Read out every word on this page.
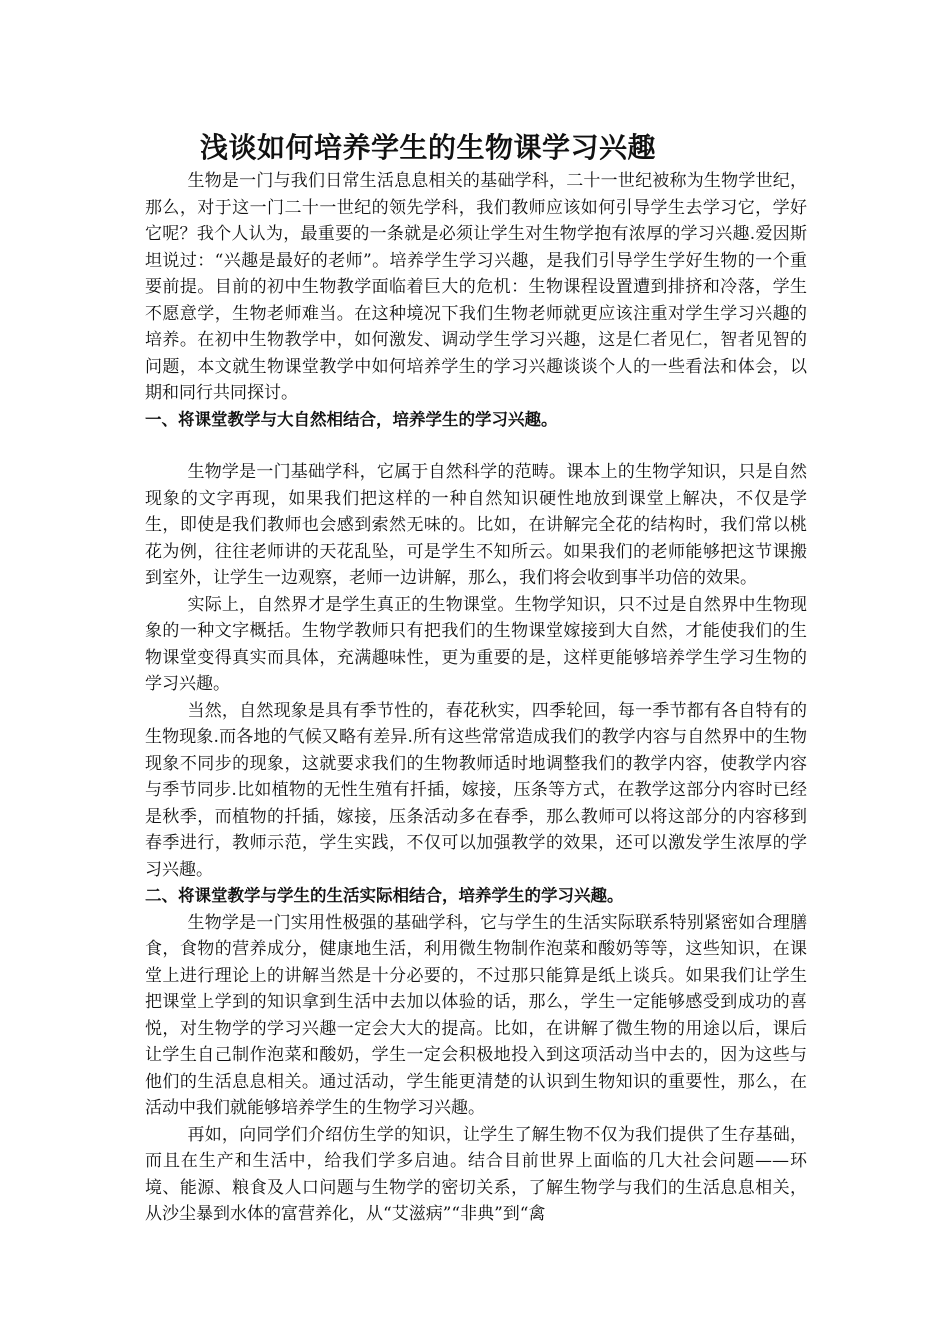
浅谈如何培养学生的生物课学习兴趣

生物是一门与我们日常生活息息相关的基础学科，二十一世纪被称为生物学世纪，那么，对于这一门二十一世纪的领先学科，我们教师应该如何引导学生去学习它，学好它呢？我个人认为，最重要的一条就是必须让学生对生物学抱有浓厚的学习兴趣.爱因斯坦说过：“兴趣是最好的老师”。培养学生学习兴趣，是我们引导学生学好生物的一个重要前提。目前的初中生物教学面临着巨大的危机：生物课程设置遭到排挤和冷落，学生不愿意学，生物老师难当。在这种境况下我们生物老师就更应该注重对学生学习兴趣的培养。在初中生物教学中，如何激发、调动学生学习兴趣，这是仁者见仁，智者见智的问题，本文就生物课堂教学中如何培养学生的学习兴趣谈谈个人的一些看法和体会，以期和同行共同探讨。

一、将课堂教学与大自然相结合，培养学生的学习兴趣。

生物学是一门基础学科，它属于自然科学的范畴。课本上的生物学知识，只是自然现象的文字再现，如果我们把这样的一种自然知识硬性地放到课堂上解决，不仅是学生，即使是我们教师也会感到索然无味的。比如，在讲解完全花的结构时，我们常以桃花为例，往往老师讲的天花乱坠，可是学生不知所云。如果我们的老师能够把这节课搬到室外，让学生一边观察，老师一边讲解，那么，我们将会收到事半功倍的效果。

实际上，自然界才是学生真正的生物课堂。生物学知识，只不过是自然界中生物现象的一种文字概括。生物学教师只有把我们的生物课堂嫁接到大自然，才能使我们的生物课堂变得真实而具体，充满趣味性，更为重要的是，这样更能够培养学生学习生物的学习兴趣。

当然，自然现象是具有季节性的，春花秋实，四季轮回，每一季节都有各自特有的生物现象.而各地的气候又略有差异.所有这些常常造成我们的教学内容与自然界中的生物现象不同步的现象，这就要求我们的生物教师适时地调整我们的教学内容，使教学内容与季节同步.比如植物的无性生殖有扦插，嫁接，压条等方式，在教学这部分内容时已经是秋季，而植物的扦插，嫁接，压条活动多在春季，那么教师可以将这部分的内容移到春季进行，教师示范，学生实践，不仅可以加强教学的效果，还可以激发学生浓厚的学习兴趣。

二、将课堂教学与学生的生活实际相结合，培养学生的学习兴趣。

生物学是一门实用性极强的基础学科，它与学生的生活实际联系特别紧密如合理膳食，食物的营养成分，健康地生活，利用微生物制作泡菜和酸奶等等，这些知识，在课堂上进行理论上的讲解当然是十分必要的，不过那只能算是纸上谈兵。如果我们让学生把课堂上学到的知识拿到生活中去加以体验的话，那么，学生一定能够感受到成功的喜悦，对生物学的学习兴趣一定会大大的提高。比如，在讲解了微生物的用途以后，课后让学生自己制作泡菜和酸奶，学生一定会积极地投入到这项活动当中去的，因为这些与他们的生活息息相关。通过活动，学生能更清楚的认识到生物知识的重要性，那么，在活动中我们就能够培养学生的生物学习兴趣。

再如，向同学们介绍仿生学的知识，让学生了解生物不仅为我们提供了生存基础，而且在生产和生活中，给我们学多启迪。结合目前世界上面临的几大社会问题——环境、能源、粮食及人口问题与生物学的密切关系，了解生物学与我们的生活息息相关，从沙尘暴到水体的富营养化，从“艾滋病”“非典”到“禽
